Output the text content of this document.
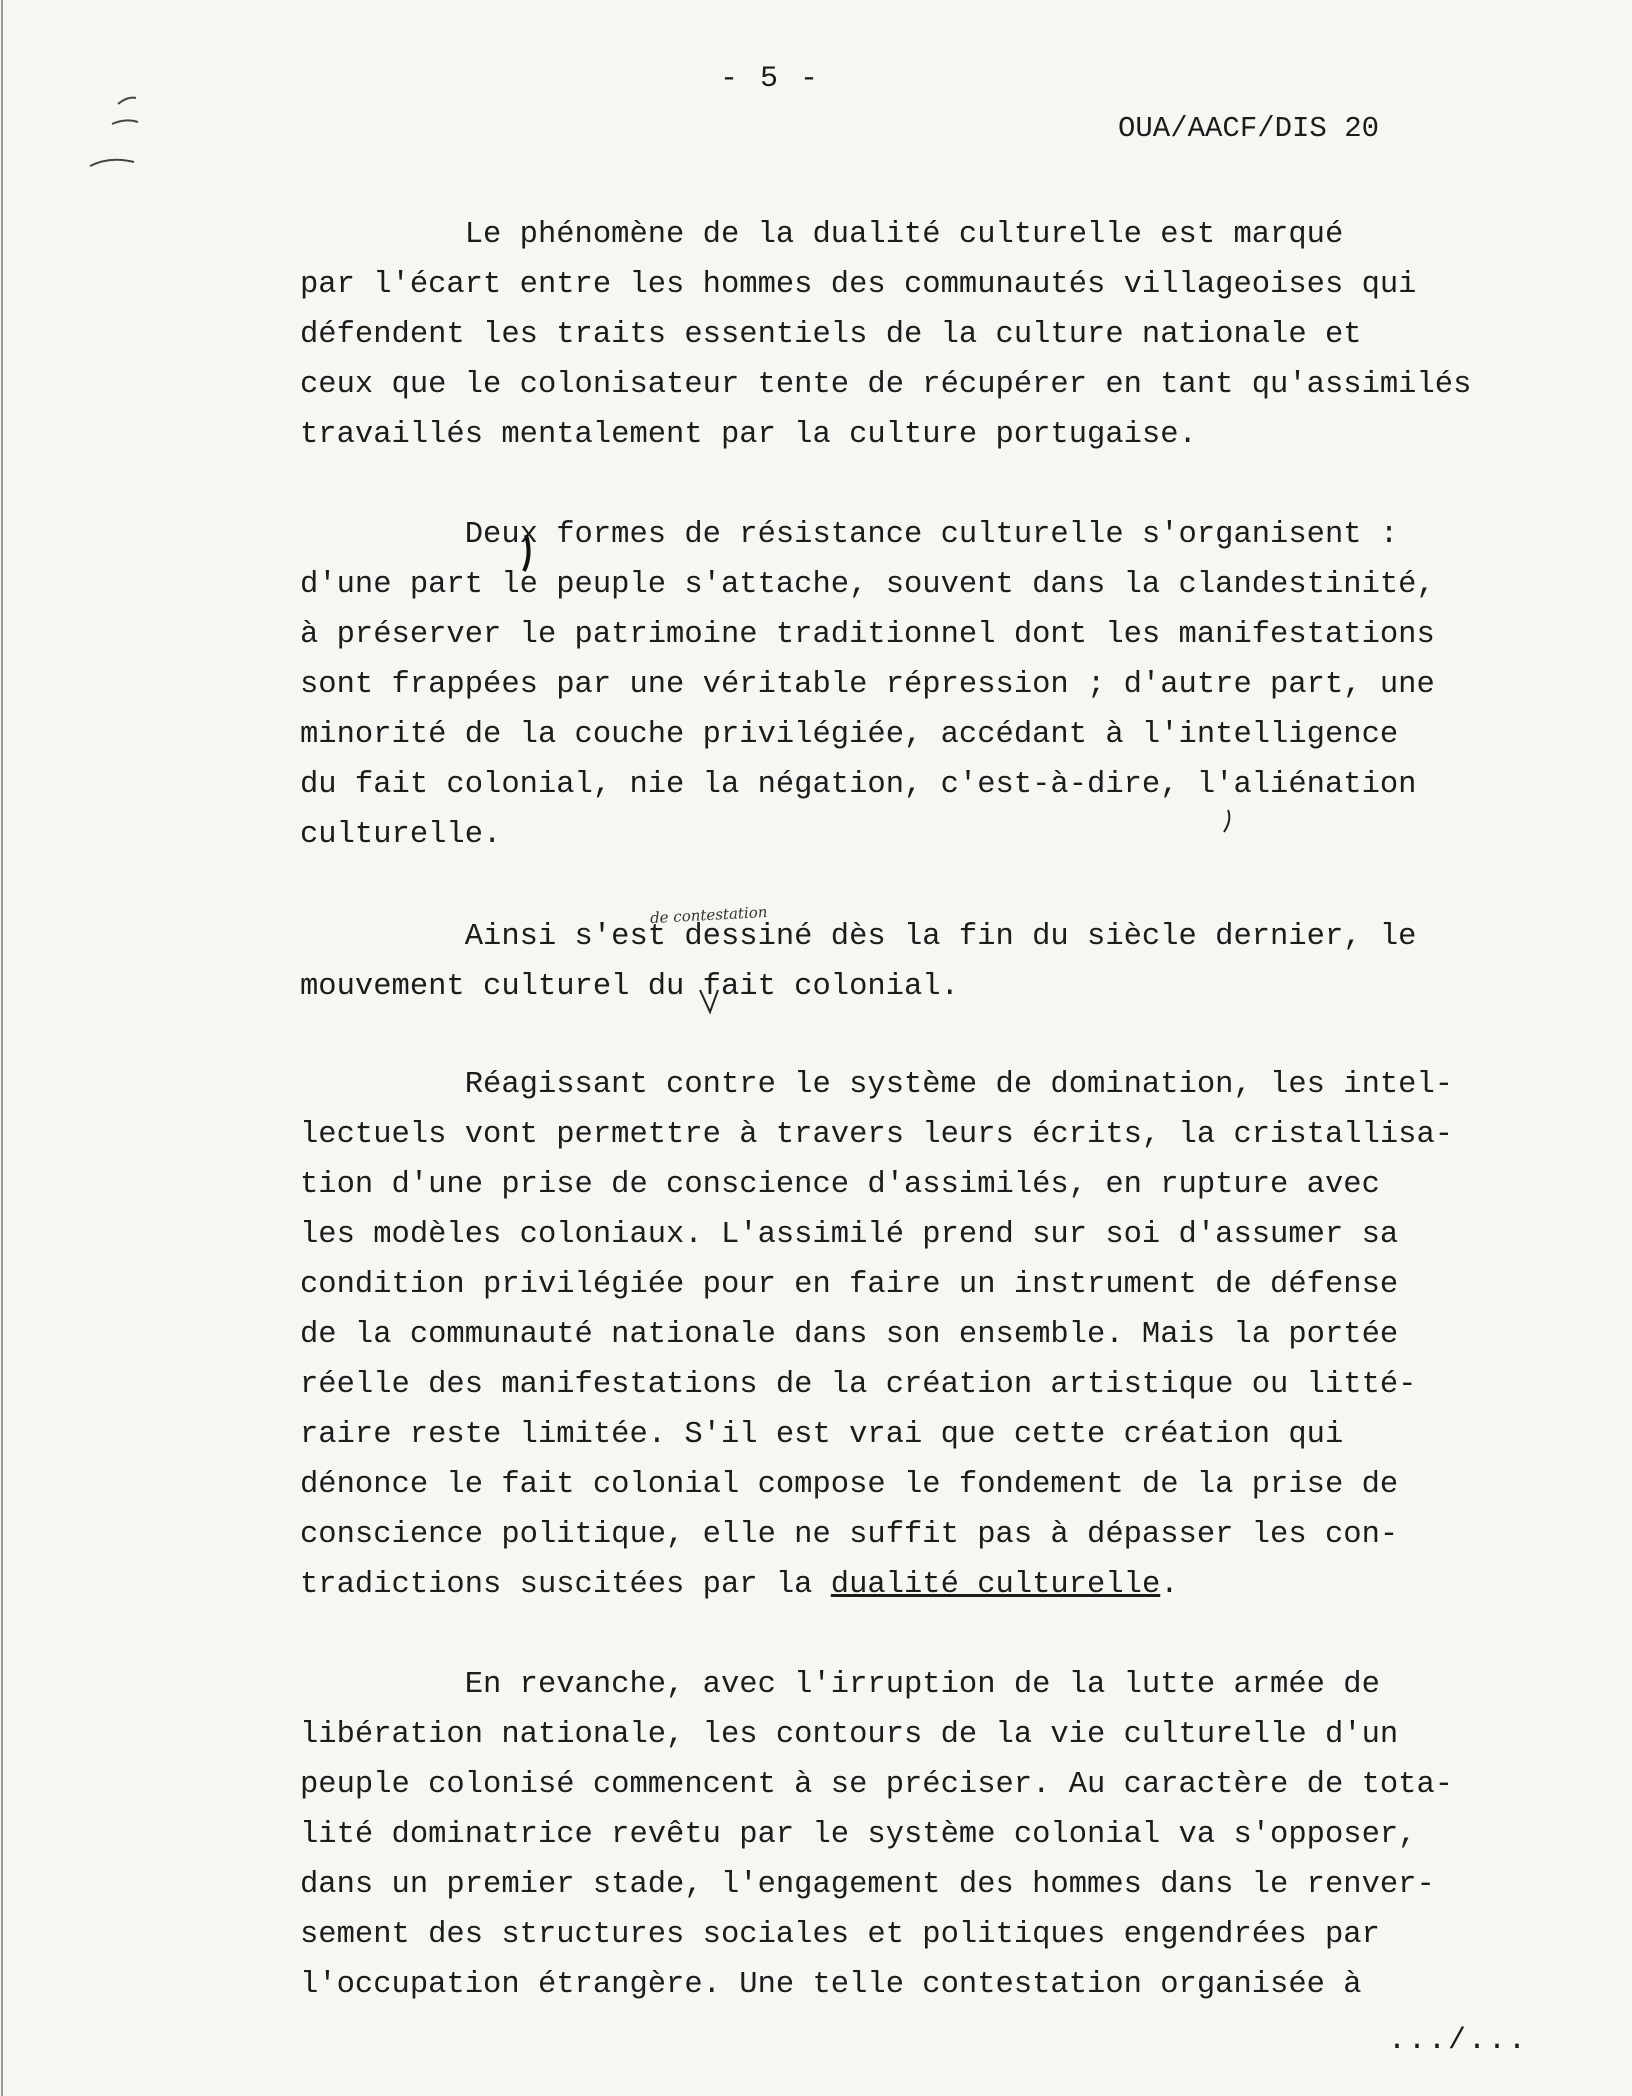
- 5 -
OUA/AACF/DIS 20

Le phénomène de la dualité culturelle est marqué
par l'écart entre les hommes des communautés villageoises qui
défendent les traits essentiels de la culture nationale et
ceux que le colonisateur tente de récupérer en tant qu'assimilés
travaillés mentalement par la culture portugaise.

Deux formes de résistance culturelle s'organisent :
d'une part le peuple s'attache, souvent dans la clandestinité,
à préserver le patrimoine traditionnel dont les manifestations
sont frappées par une véritable répression ; d'autre part, une
minorité de la couche privilégiée, accédant à l'intelligence
du fait colonial, nie la négation, c'est-à-dire, l'aliénation
culturelle.

Ainsi s'est dessiné dès la fin du siècle dernier, le
mouvement culturel du fait colonial.

Réagissant contre le système de domination, les intel-
lectuels vont permettre à travers leurs écrits, la cristallisa-
tion d'une prise de conscience d'assimilés, en rupture avec
les modèles coloniaux. L'assimilé prend sur soi d'assumer sa
condition privilégiée pour en faire un instrument de défense
de la communauté nationale dans son ensemble. Mais la portée
réelle des manifestations de la création artistique ou litté-
raire reste limitée. S'il est vrai que cette création qui
dénonce le fait colonial compose le fondement de la prise de
conscience politique, elle ne suffit pas à dépasser les con-
tradictions suscitées par la dualité culturelle.

En revanche, avec l'irruption de la lutte armée de
libération nationale, les contours de la vie culturelle d'un
peuple colonisé commencent à se préciser. Au caractère de tota-
lité dominatrice revêtu par le système colonial va s'opposer,
dans un premier stade, l'engagement des hommes dans le renver-
sement des structures sociales et politiques engendrées par
l'occupation étrangère. Une telle contestation organisée à

de contestation
.../...
